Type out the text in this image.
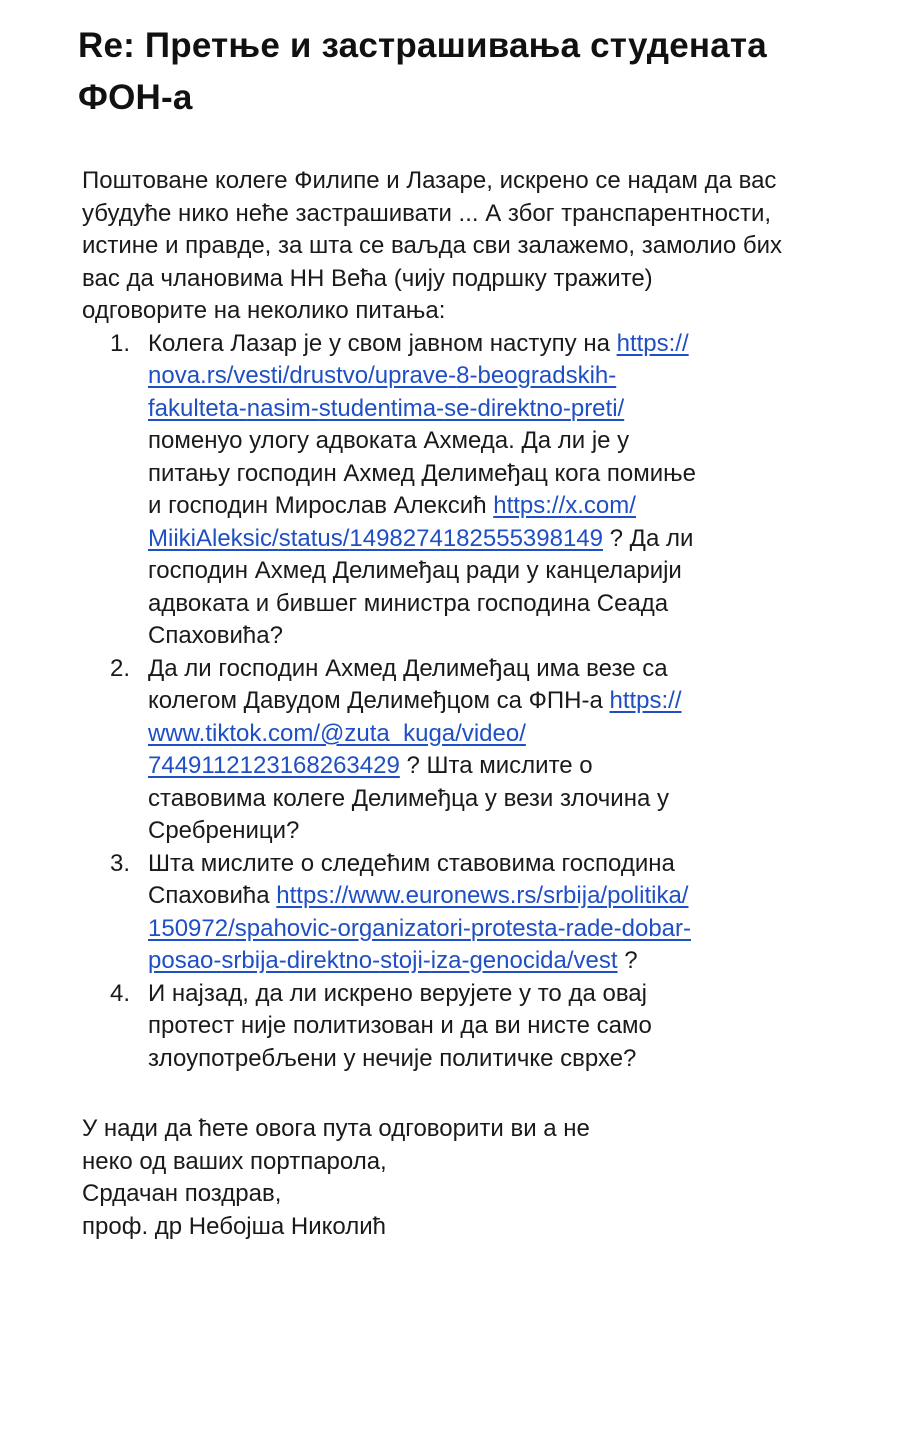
Re: Претње и застрашивања студената ФОН-а

Поштоване колеге Филипе и Лазаре, искрено се надам да вас убудуће нико неће застрашивати ... А због транспарентности, истине и правде, за шта се ваљда сви залажемо, замолио бих вас да члановима НН Већа (чију подршку тражите) одговорите на неколико питања:

1. Колега Лазар је у свом јавном наступу на https://nova.rs/vesti/drustvo/uprave-8-beogradskih-fakulteta-nasim-studentima-se-direktno-preti/ поменуо улогу адвоката Ахмеда. Да ли је у питању господин Ахмед Делимеђац кога помиње и господин Мирослав Алексић https://x.com/MiikiAleksic/status/1498274182555398149 ? Да ли господин Ахмед Делимеђац ради у канцеларији адвоката и бившег министра господина Сеада Спаховића?
2. Да ли господин Ахмед Делимеђац има везе са колегом Давудом Делимеђцом са ФПН-а https://www.tiktok.com/@zuta_kuga/video/7449112123168263429 ? Шта мислите о ставовима колеге Делимеђца у вези злочина у Сребреници?
3. Шта мислите о следећим ставовима господина Спаховића https://www.euronews.rs/srbija/politika/150972/spahovic-organizatori-protesta-rade-dobar-posao-srbija-direktno-stoji-iza-genocida/vest ?
4. И најзад, да ли искрено верујете у то да овај протест није политизован и да ви нисте само злоупотребљени у нечије политичке сврхе?
У нади да ћете овога пута одговорити ви а не
неко од ваших портпарола,
Срдачан поздрав,
проф. др Небојша Николић
